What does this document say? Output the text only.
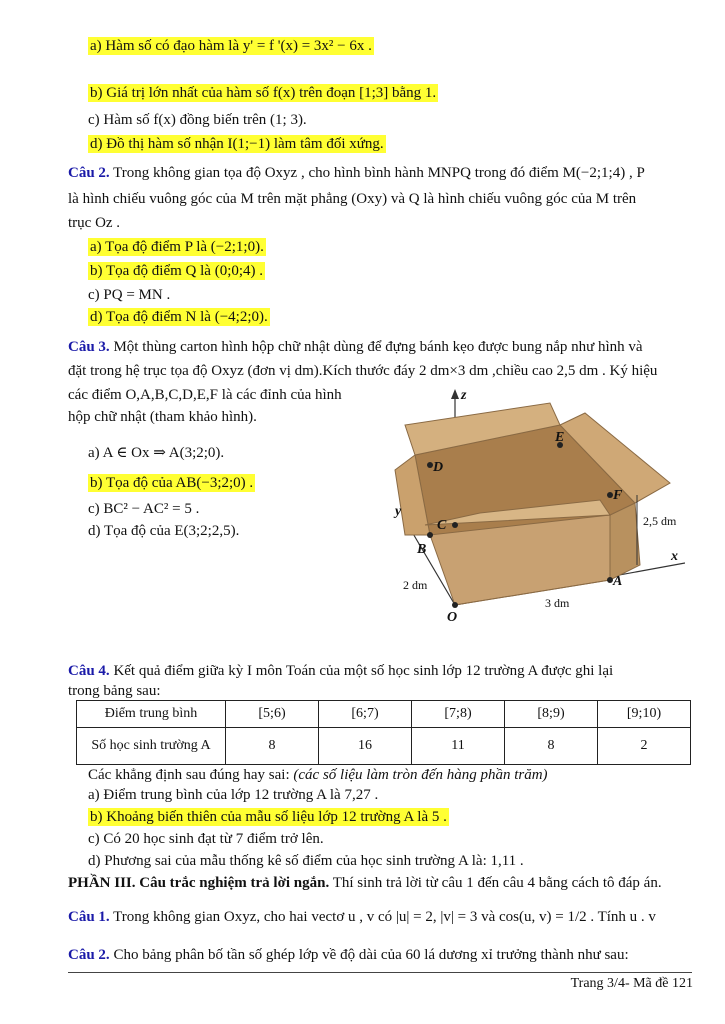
a) Hàm số có đạo hàm là y' = f '(x) = 3x² − 6x .
b) Giá trị lớn nhất của hàm số f(x) trên đoạn [1;3] bằng 1.
c) Hàm số f(x) đồng biến trên (1; 3).
d) Đồ thị hàm số nhận I(1;−1) làm tâm đối xứng.
Câu 2. Trong không gian tọa độ Oxyz , cho hình bình hành MNPQ trong đó điểm M(−2;1;4) , P
là hình chiếu vuông góc của M trên mặt phẳng (Oxy) và Q là hình chiếu vuông góc của M trên
trục Oz .
a) Tọa độ điểm P là (−2;1;0).
b) Tọa độ điểm Q là (0;0;4) .
c) PQ = MN .
d) Tọa độ điểm N là (−4;2;0).
Câu 3. Một thùng carton hình hộp chữ nhật dùng để đựng bánh kẹo được bung nắp như hình và
đặt trong hệ trục tọa độ Oxyz (đơn vị dm).Kích thước đáy 2 dm×3 dm ,chiều cao 2,5 dm . Ký hiệu
các điểm O,A,B,C,D,E,F là các đỉnh của hình
hộp chữ nhật (tham khảo hình).
a) A ∈ Ox ⇒ A(3;2;0).
b) Tọa độ của AB(−3;2;0) .
c) BC² − AC² = 5 .
d) Tọa độ của E(3;2;2,5).
z
y
x
O
A
B
C
D
E
F
2,5 dm
2 dm
3 dm
Câu 4. Kết quả điểm giữa kỳ I môn Toán của một số học sinh lớp 12 trường A được ghi lại
trong bảng sau:
Điểm trung bình	[5;6)	[6;7)	[7;8)	[8;9)	[9;10)
Số học sinh trường A	8	16	11	8	2
Các khẳng định sau đúng hay sai: (các số liệu làm tròn đến hàng phần trăm)
a) Điểm trung bình của lớp 12 trường A là 7,27 .
b) Khoảng biến thiên của mẫu số liệu lớp 12 trường A là 5 .
c) Có 20 học sinh đạt từ 7 điểm trở lên.
d) Phương sai của mẫu thống kê số điểm của học sinh trường A là: 1,11 .
PHẦN III. Câu trắc nghiệm trả lời ngắn. Thí sinh trả lời từ câu 1 đến câu 4 bằng cách tô đáp án.
Câu 1. Trong không gian Oxyz, cho hai vectơ u , v có |u| = 2, |v| = 3 và cos(u, v) = 1/2 . Tính u . v
Câu 2. Cho bảng phân bố tần số ghép lớp về độ dài của 60 lá dương xỉ trưởng thành như sau:
Trang 3/4- Mã đề 121
